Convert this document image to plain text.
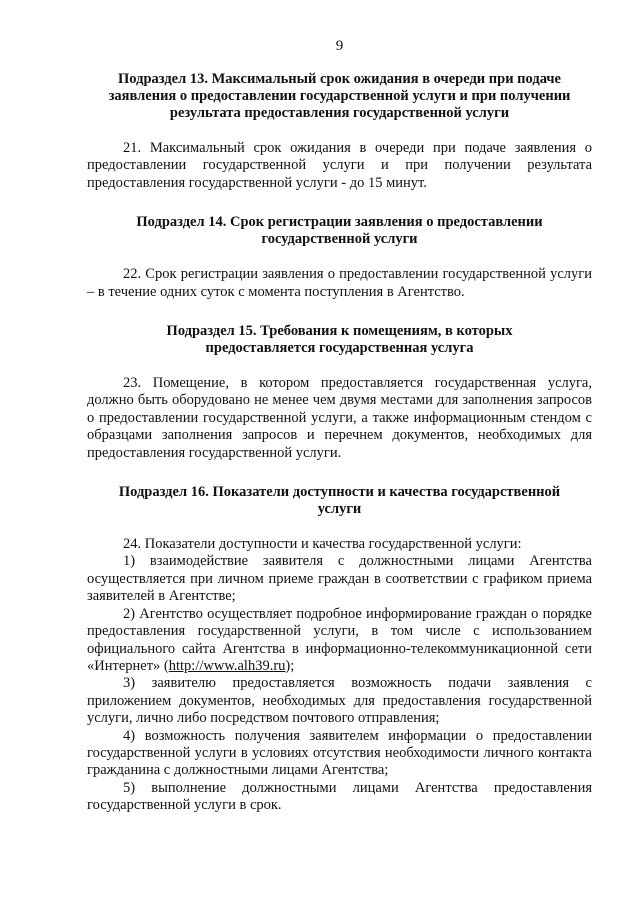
9
Подраздел 13. Максимальный срок ожидания в очереди при подаче заявления о предоставлении государственной услуги и при получении результата предоставления государственной услуги

21. Максимальный срок ожидания в очереди при подаче заявления о предоставлении государственной услуги и при получении результата предоставления государственной услуги - до 15 минут.

Подраздел 14. Срок регистрации заявления о предоставлении государственной услуги

22. Срок регистрации заявления о предоставлении государственной услуги – в течение одних суток с момента поступления в Агентство.

Подраздел 15. Требования к помещениям, в которых предоставляется государственная услуга

23. Помещение, в котором предоставляется государственная услуга, должно быть оборудовано не менее чем двумя местами для заполнения запросов о предоставлении государственной услуги, а также информационным стендом с образцами заполнения запросов и перечнем документов, необходимых для предоставления государственной услуги.

Подраздел 16. Показатели доступности и качества государственной услуги

24. Показатели доступности и качества государственной услуги:

1) взаимодействие заявителя с должностными лицами Агентства осуществляется при личном приеме граждан в соответствии с графиком приема заявителей в Агентстве;

2) Агентство осуществляет подробное информирование граждан о порядке предоставления государственной услуги, в том числе с использованием официального сайта Агентства в информационно-телекоммуникационной сети «Интернет» (http://www.alh39.ru);

3) заявителю предоставляется возможность подачи заявления с приложением документов, необходимых для предоставления государственной услуги, лично либо посредством почтового отправления;

4) возможность получения заявителем информации о предоставлении государственной услуги в условиях отсутствия необходимости личного контакта гражданина с должностными лицами Агентства;

5) выполнение должностными лицами Агентства предоставления государственной услуги в срок.
